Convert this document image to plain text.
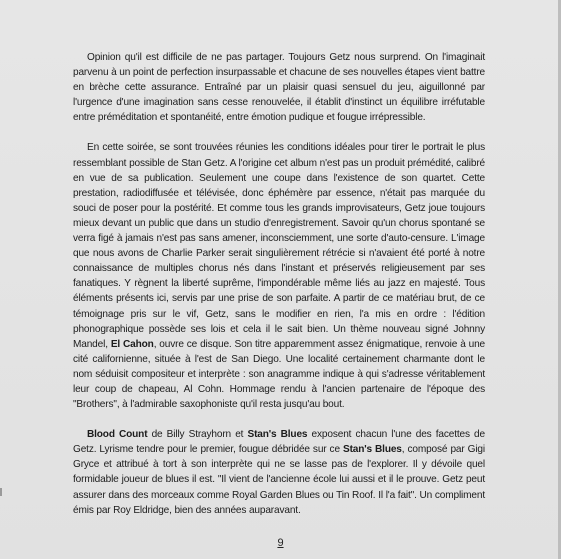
Opinion qu'il est difficile de ne pas partager. Toujours Getz nous surprend. On l'imaginait parvenu à un point de perfection insurpassable et chacune de ses nouvelles étapes vient battre en brèche cette assurance. Entraîné par un plaisir quasi sensuel du jeu, aiguillonné par l'urgence d'une imagination sans cesse renouvelée, il établit d'instinct un équilibre irréfutable entre préméditation et spontanéité, entre émotion pudique et fougue irrépressible.

En cette soirée, se sont trouvées réunies les conditions idéales pour tirer le portrait le plus ressemblant possible de Stan Getz. A l'origine cet album n'est pas un produit prémédité, calibré en vue de sa publication. Seulement une coupe dans l'existence de son quartet. Cette prestation, radiodiffusée et télévisée, donc éphémère par essence, n'était pas marquée du souci de poser pour la postérité. Et comme tous les grands improvisateurs, Getz joue toujours mieux devant un public que dans un studio d'enregistrement. Savoir qu'un chorus spontané se verra figé à jamais n'est pas sans amener, inconsciemment, une sorte d'auto-censure. L'image que nous avons de Charlie Parker serait singulièrement rétrécie si n'avaient été porté à notre connaissance de multiples chorus nés dans l'instant et préservés religieusement par ses fanatiques. Y règnent la liberté suprême, l'impondérable même liés au jazz en majesté. Tous éléments présents ici, servis par une prise de son parfaite. A partir de ce matériau brut, de ce témoignage pris sur le vif, Getz, sans le modifier en rien, l'a mis en ordre : l'édition phonographique possède ses lois et cela il le sait bien. Un thème nouveau signé Johnny Mandel, El Cahon, ouvre ce disque. Son titre apparemment assez énigmatique, renvoie à une cité californienne, située à l'est de San Diego. Une localité certainement charmante dont le nom séduisit compositeur et interprète : son anagramme indique à qui s'adresse véritablement leur coup de chapeau, Al Cohn. Hommage rendu à l'ancien partenaire de l'époque des "Brothers", à l'admirable saxophoniste qu'il resta jusqu'au bout.

Blood Count de Billy Strayhorn et Stan's Blues exposent chacun l'une des facettes de Getz. Lyrisme tendre pour le premier, fougue débridée sur ce Stan's Blues, composé par Gigi Gryce et attribué à tort à son interprète qui ne se lasse pas de l'explorer. Il y dévoile quel formidable joueur de blues il est. "Il vient de l'ancienne école lui aussi et il le prouve. Getz peut assurer dans des morceaux comme Royal Garden Blues ou Tin Roof. Il l'a fait". Un compliment émis par Roy Eldridge, bien des années auparavant.

9
